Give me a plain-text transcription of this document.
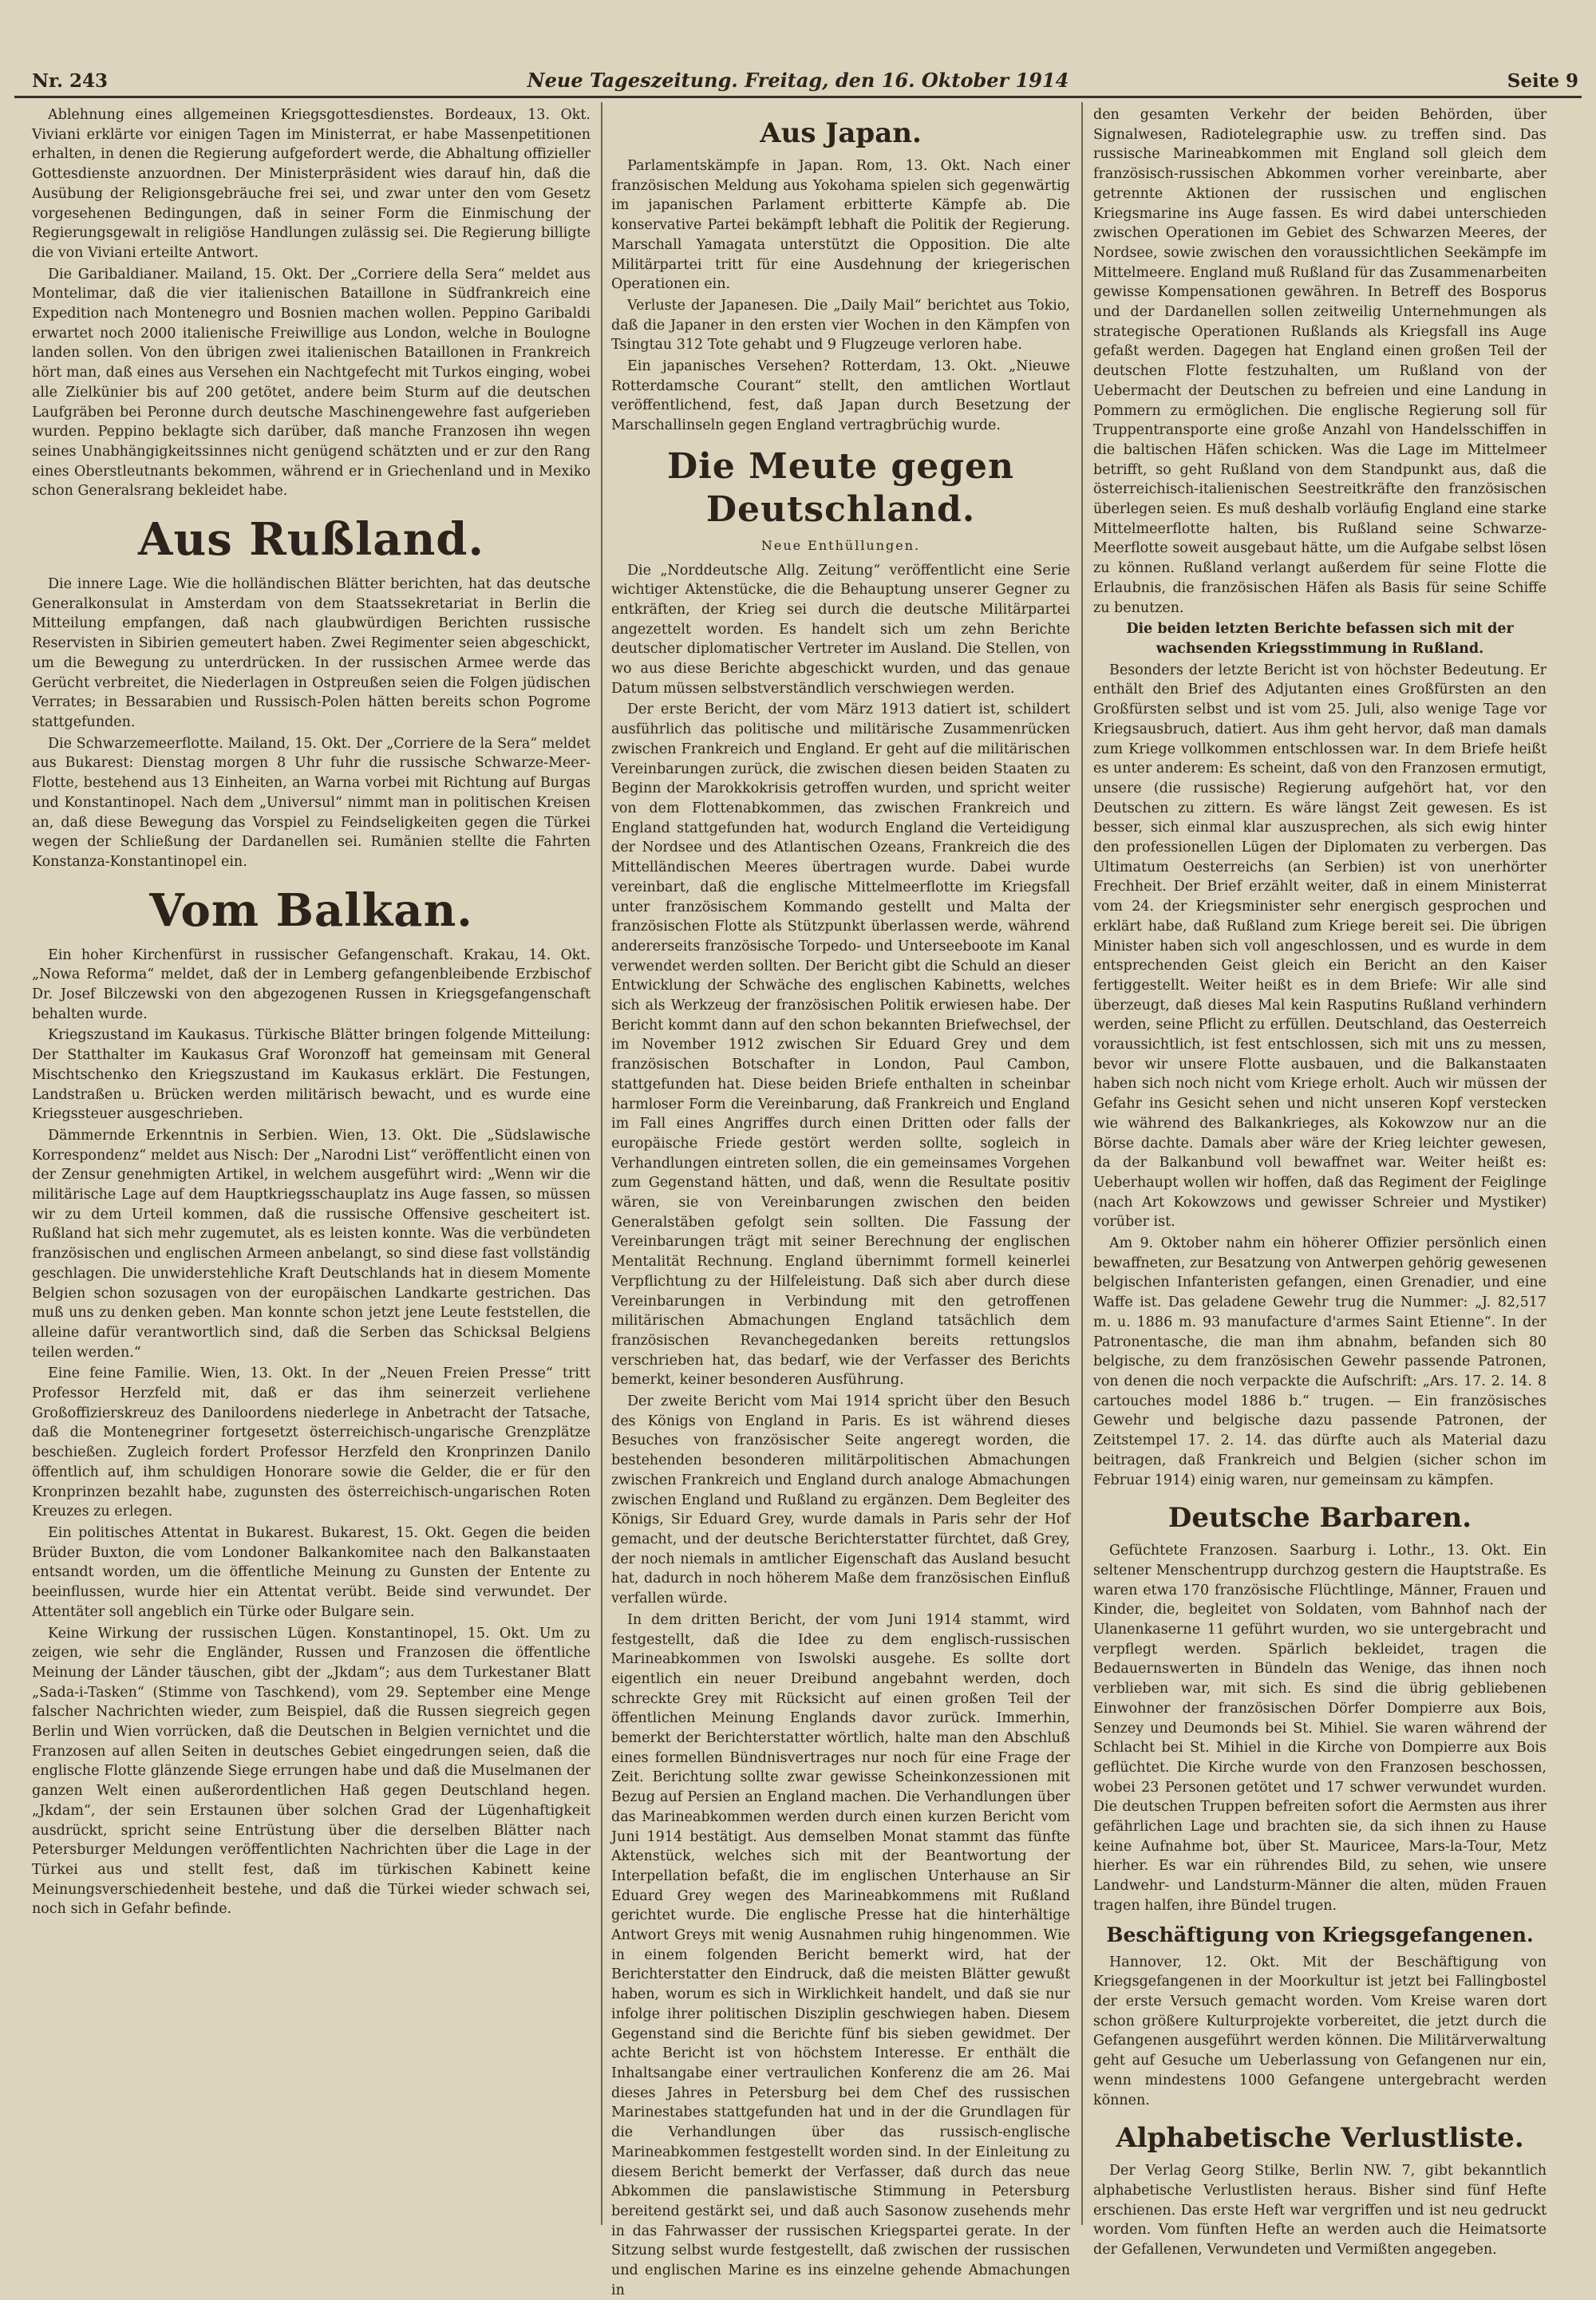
Nr. 243	Neue Tageszeitung. Freitag, den 16. Oktober 1914	Seite 9

Ablehnung eines allgemeinen Kriegsgottesdienstes. Bordeaux, 13. Okt. Viviani erklärte vor einigen Tagen im Ministerrat, er habe Massenpetitionen erhalten, in denen die Regierung aufgefordert werde, die Abhaltung offizieller Gottesdienste anzuordnen. Der Ministerpräsident wies darauf hin, daß die Ausübung der Religionsgebräuche frei sei, und zwar unter den vom Gesetz vorgesehenen Bedingungen, daß in seiner Form die Einmischung der Regierungsgewalt in religiöse Handlungen zulässig sei. Die Regierung billigte die von Viviani erteilte Antwort.

Die Garibaldianer. Mailand, 15. Okt. Der „Corriere della Sera“ meldet aus Montelimar, daß die vier italienischen Bataillone in Südfrankreich eine Expedition nach Montenegro und Bosnien machen wollen. Peppino Garibaldi erwartet noch 2000 italienische Freiwillige aus London, welche in Boulogne landen sollen. Von den übrigen zwei italienischen Bataillonen in Frankreich hört man, daß eines aus Versehen ein Nachtgefecht mit Turkos einging, wobei alle Zielkünier bis auf 200 getötet, andere beim Sturm auf die deutschen Laufgräben bei Peronne durch deutsche Maschinengewehre fast aufgerieben wurden. Peppino beklagte sich darüber, daß manche Franzosen ihn wegen seines Unabhängigkeitssinnes nicht genügend schätzten und er zur den Rang eines Oberstleutnants bekommen, während er in Griechenland und in Mexiko schon Generalsrang bekleidet habe.

Aus Rußland.

Die innere Lage. Wie die holländischen Blätter berichten, hat das deutsche Generalkonsulat in Amsterdam von dem Staatssekretariat in Berlin die Mitteilung empfangen, daß nach glaubwürdigen Berichten russische Reservisten in Sibirien gemeutert haben. Zwei Regimenter seien abgeschickt, um die Bewegung zu unterdrücken. In der russischen Armee werde das Gerücht verbreitet, die Niederlagen in Ostpreußen seien die Folgen jüdischen Verrates; in Bessarabien und Russisch-Polen hätten bereits schon Pogrome stattgefunden.

Die Schwarzemeerflotte. Mailand, 15. Okt. Der „Corriere de la Sera“ meldet aus Bukarest: Dienstag morgen 8 Uhr fuhr die russische Schwarze-Meer-Flotte, bestehend aus 13 Einheiten, an Warna vorbei mit Richtung auf Burgas und Konstantinopel. Nach dem „Universul“ nimmt man in politischen Kreisen an, daß diese Bewegung das Vorspiel zu Feindseligkeiten gegen die Türkei wegen der Schließung der Dardanellen sei. Rumänien stellte die Fahrten Konstanza-Konstantinopel ein.

Vom Balkan.

Ein hoher Kirchenfürst in russischer Gefangenschaft. Krakau, 14. Okt. „Nowa Reforma“ meldet, daß der in Lemberg gefangenbleibende Erzbischof Dr. Josef Bilczewski von den abgezogenen Russen in Kriegsgefangenschaft behalten wurde.

Kriegszustand im Kaukasus. Türkische Blätter bringen folgende Mitteilung: Der Statthalter im Kaukasus Graf Woronzoff hat gemeinsam mit General Mischtschenko den Kriegszustand im Kaukasus erklärt. Die Festungen, Landstraßen u. Brücken werden militärisch bewacht, und es wurde eine Kriegssteuer ausgeschrieben.

Dämmernde Erkenntnis in Serbien. Wien, 13. Okt. Die „Südslawische Korrespondenz“ meldet aus Nisch: Der „Narodni List“ veröffentlicht einen von der Zensur genehmigten Artikel, in welchem ausgeführt wird: „Wenn wir die militärische Lage auf dem Hauptkriegsschauplatz ins Auge fassen, so müssen wir zu dem Urteil kommen, daß die russische Offensive gescheitert ist. Rußland hat sich mehr zugemutet, als es leisten konnte. Was die verbündeten französischen und englischen Armeen anbelangt, so sind diese fast vollständig geschlagen. Die unwiderstehliche Kraft Deutschlands hat in diesem Momente Belgien schon sozusagen von der europäischen Landkarte gestrichen. Das muß uns zu denken geben. Man konnte schon jetzt jene Leute feststellen, die alleine dafür verantwortlich sind, daß die Serben das Schicksal Belgiens teilen werden.“

Eine feine Familie. Wien, 13. Okt. In der „Neuen Freien Presse“ tritt Professor Herzfeld mit, daß er das ihm seinerzeit verliehene Großoffizierskreuz des Daniloordens niederlege in Anbetracht der Tatsache, daß die Montenegriner fortgesetzt österreichisch-ungarische Grenzplätze beschießen. Zugleich fordert Professor Herzfeld den Kronprinzen Danilo öffentlich auf, ihm schuldigen Honorare sowie die Gelder, die er für den Kronprinzen bezahlt habe, zugunsten des österreichisch-ungarischen Roten Kreuzes zu erlegen.

Ein politisches Attentat in Bukarest. Bukarest, 15. Okt. Gegen die beiden Brüder Buxton, die vom Londoner Balkankomitee nach den Balkanstaaten entsandt worden, um die öffentliche Meinung zu Gunsten der Entente zu beeinflussen, wurde hier ein Attentat verübt. Beide sind verwundet. Der Attentäter soll angeblich ein Türke oder Bulgare sein.

Keine Wirkung der russischen Lügen. Konstantinopel, 15. Okt. Um zu zeigen, wie sehr die Engländer, Russen und Franzosen die öffentliche Meinung der Länder täuschen, gibt der „Jkdam“; aus dem Turkestaner Blatt „Sada-i-Tasken“ (Stimme von Taschkend), vom 29. September eine Menge falscher Nachrichten wieder, zum Beispiel, daß die Russen siegreich gegen Berlin und Wien vorrücken, daß die Deutschen in Belgien vernichtet und die Franzosen auf allen Seiten in deutsches Gebiet eingedrungen seien, daß die englische Flotte glänzende Siege errungen habe und daß die Muselmanen der ganzen Welt einen außerordentlichen Haß gegen Deutschland hegen. „Jkdam“, der sein Erstaunen über solchen Grad der Lügenhaftigkeit ausdrückt, spricht seine Entrüstung über die derselben Blätter nach Petersburger Meldungen veröffentlichten Nachrichten über die Lage in der Türkei aus und stellt fest, daß im türkischen Kabinett keine Meinungsverschiedenheit bestehe, und daß die Türkei wieder schwach sei, noch sich in Gefahr befinde.

Aus Japan.

Parlamentskämpfe in Japan. Rom, 13. Okt. Nach einer französischen Meldung aus Yokohama spielen sich gegenwärtig im japanischen Parlament erbitterte Kämpfe ab. Die konservative Partei bekämpft lebhaft die Politik der Regierung. Marschall Yamagata unterstützt die Opposition. Die alte Militärpartei tritt für eine Ausdehnung der kriegerischen Operationen ein.

Verluste der Japanesen. Die „Daily Mail“ berichtet aus Tokio, daß die Japaner in den ersten vier Wochen in den Kämpfen von Tsingtau 312 Tote gehabt und 9 Flugzeuge verloren habe.

Ein japanisches Versehen? Rotterdam, 13. Okt. „Nieuwe Rotterdamsche Courant“ stellt, den amtlichen Wortlaut veröffentlichend, fest, daß Japan durch Besetzung der Marschallinseln gegen England vertragbrüchig wurde.

Die Meute gegen Deutschland.
Neue Enthüllungen.

Die „Norddeutsche Allg. Zeitung“ veröffentlicht eine Serie wichtiger Aktenstücke, die die Behauptung unserer Gegner zu entkräften, der Krieg sei durch die deutsche Militärpartei angezettelt worden. Es handelt sich um zehn Berichte deutscher diplomatischer Vertreter im Ausland. Die Stellen, von wo aus diese Berichte abgeschickt wurden, und das genaue Datum müssen selbstverständlich verschwiegen werden.

Der erste Bericht, der vom März 1913 datiert ist, schildert ausführlich das politische und militärische Zusammenrücken zwischen Frankreich und England. Er geht auf die militärischen Vereinbarungen zurück, die zwischen diesen beiden Staaten zu Beginn der Marokkokrisis getroffen wurden, und spricht weiter von dem Flottenabkommen, das zwischen Frankreich und England stattgefunden hat, wodurch England die Verteidigung der Nordsee und des Atlantischen Ozeans, Frankreich die des Mittelländischen Meeres übertragen wurde. Dabei wurde vereinbart, daß die englische Mittelmeerflotte im Kriegsfall unter französischem Kommando gestellt und Malta der französischen Flotte als Stützpunkt überlassen werde, während andererseits französische Torpedo- und Unterseeboote im Kanal verwendet werden sollten. Der Bericht gibt die Schuld an dieser Entwicklung der Schwäche des englischen Kabinetts, welches sich als Werkzeug der französischen Politik erwiesen habe. Der Bericht kommt dann auf den schon bekannten Briefwechsel, der im November 1912 zwischen Sir Eduard Grey und dem französischen Botschafter in London, Paul Cambon, stattgefunden hat. Diese beiden Briefe enthalten in scheinbar harmloser Form die Vereinbarung, daß Frankreich und England im Fall eines Angriffes durch einen Dritten oder falls der europäische Friede gestört werden sollte, sogleich in Verhandlungen eintreten sollen, die ein gemeinsames Vorgehen zum Gegenstand hätten, und daß, wenn die Resultate positiv wären, sie von Vereinbarungen zwischen den beiden Generalstäben gefolgt sein sollten. Die Fassung der Vereinbarungen trägt mit seiner Berechnung der englischen Mentalität Rechnung. England übernimmt formell keinerlei Verpflichtung zu der Hilfeleistung. Daß sich aber durch diese Vereinbarungen in Verbindung mit den getroffenen militärischen Abmachungen England tatsächlich dem französischen Revanchegedanken bereits rettungslos verschrieben hat, das bedarf, wie der Verfasser des Berichts bemerkt, keiner besonderen Ausführung.

Der zweite Bericht vom Mai 1914 spricht über den Besuch des Königs von England in Paris. Es ist während dieses Besuches von französischer Seite angeregt worden, die bestehenden besonderen militärpolitischen Abmachungen zwischen Frankreich und England durch analoge Abmachungen zwischen England und Rußland zu ergänzen. Dem Begleiter des Königs, Sir Eduard Grey, wurde damals in Paris sehr der Hof gemacht, und der deutsche Berichterstatter fürchtet, daß Grey, der noch niemals in amtlicher Eigenschaft das Ausland besucht hat, dadurch in noch höherem Maße dem französischen Einfluß verfallen würde.

In dem dritten Bericht, der vom Juni 1914 stammt, wird festgestellt, daß die Idee zu dem englisch-russischen Marineabkommen von Iswolski ausgehe. Es sollte dort eigentlich ein neuer Dreibund angebahnt werden, doch schreckte Grey mit Rücksicht auf einen großen Teil der öffentlichen Meinung Englands davor zurück. Immerhin, bemerkt der Berichterstatter wörtlich, halte man den Abschluß eines formellen Bündnisvertrages nur noch für eine Frage der Zeit. Berichtung sollte zwar gewisse Scheinkonzessionen mit Bezug auf Persien an England machen. Die Verhandlungen über das Marineabkommen werden durch einen kurzen Bericht vom Juni 1914 bestätigt. Aus demselben Monat stammt das fünfte Aktenstück, welches sich mit der Beantwortung der Interpellation befaßt, die im englischen Unterhause an Sir Eduard Grey wegen des Marineabkommens mit Rußland gerichtet wurde. Die englische Presse hat die hinterhältige Antwort Greys mit wenig Ausnahmen ruhig hingenommen. Wie in einem folgenden Bericht bemerkt wird, hat der Berichterstatter den Eindruck, daß die meisten Blätter gewußt haben, worum es sich in Wirklichkeit handelt, und daß sie nur infolge ihrer politischen Disziplin geschwiegen haben. Diesem Gegenstand sind die Berichte fünf bis sieben gewidmet. Der achte Bericht ist von höchstem Interesse. Er enthält die Inhaltsangabe einer vertraulichen Konferenz die am 26. Mai dieses Jahres in Petersburg bei dem Chef des russischen Marinestabes stattgefunden hat und in der die Grundlagen für die Verhandlungen über das russisch-englische Marineabkommen festgestellt worden sind. In der Einleitung zu diesem Bericht bemerkt der Verfasser, daß durch das neue Abkommen die panslawistische Stimmung in Petersburg bereitend gestärkt sei, und daß auch Sasonow zusehends mehr in das Fahrwasser der russischen Kriegspartei gerate. In der Sitzung selbst wurde festgestellt, daß zwischen der russischen und englischen Marine es ins einzelne gehende Abmachungen in

den gesamten Verkehr der beiden Behörden, über Signalwesen, Radiotelegraphie usw. zu treffen sind. Das russische Marineabkommen mit England soll gleich dem französisch-russischen Abkommen vorher vereinbarte, aber getrennte Aktionen der russischen und englischen Kriegsmarine ins Auge fassen. Es wird dabei unterschieden zwischen Operationen im Gebiet des Schwarzen Meeres, der Nordsee, sowie zwischen den voraussichtlichen Seekämpfe im Mittelmeere. England muß Rußland für das Zusammenarbeiten gewisse Kompensationen gewähren. In Betreff des Bosporus und der Dardanellen sollen zeitweilig Unternehmungen als strategische Operationen Rußlands als Kriegsfall ins Auge gefaßt werden. Dagegen hat England einen großen Teil der deutschen Flotte festzuhalten, um Rußland von der Uebermacht der Deutschen zu befreien und eine Landung in Pommern zu ermöglichen. Die englische Regierung soll für Truppentransporte eine große Anzahl von Handelsschiffen in die baltischen Häfen schicken. Was die Lage im Mittelmeer betrifft, so geht Rußland von dem Standpunkt aus, daß die österreichisch-italienischen Seestreitkräfte den französischen überlegen seien. Es muß deshalb vorläufig England eine starke Mittelmeerflotte halten, bis Rußland seine Schwarze-Meerflotte soweit ausgebaut hätte, um die Aufgabe selbst lösen zu können. Rußland verlangt außerdem für seine Flotte die Erlaubnis, die französischen Häfen als Basis für seine Schiffe zu benutzen.

Die beiden letzten Berichte befassen sich mit der wachsenden Kriegsstimmung in Rußland.

Besonders der letzte Bericht ist von höchster Bedeutung. Er enthält den Brief des Adjutanten eines Großfürsten an den Großfürsten selbst und ist vom 25. Juli, also wenige Tage vor Kriegsausbruch, datiert. Aus ihm geht hervor, daß man damals zum Kriege vollkommen entschlossen war. In dem Briefe heißt es unter anderem: Es scheint, daß von den Franzosen ermutigt, unsere (die russische) Regierung aufgehört hat, vor den Deutschen zu zittern. Es wäre längst Zeit gewesen. Es ist besser, sich einmal klar auszusprechen, als sich ewig hinter den professionellen Lügen der Diplomaten zu verbergen. Das Ultimatum Oesterreichs (an Serbien) ist von unerhörter Frechheit. Der Brief erzählt weiter, daß in einem Ministerrat vom 24. der Kriegsminister sehr energisch gesprochen und erklärt habe, daß Rußland zum Kriege bereit sei. Die übrigen Minister haben sich voll angeschlossen, und es wurde in dem entsprechenden Geist gleich ein Bericht an den Kaiser fertiggestellt. Weiter heißt es in dem Briefe: Wir alle sind überzeugt, daß dieses Mal kein Rasputins Rußland verhindern werden, seine Pflicht zu erfüllen. Deutschland, das Oesterreich voraussichtlich, ist fest entschlossen, sich mit uns zu messen, bevor wir unsere Flotte ausbauen, und die Balkanstaaten haben sich noch nicht vom Kriege erholt. Auch wir müssen der Gefahr ins Gesicht sehen und nicht unseren Kopf verstecken wie während des Balkankrieges, als Kokowzow nur an die Börse dachte. Damals aber wäre der Krieg leichter gewesen, da der Balkanbund voll bewaffnet war. Weiter heißt es: Ueberhaupt wollen wir hoffen, daß das Regiment der Feiglinge (nach Art Kokowzows und gewisser Schreier und Mystiker) vorüber ist.

Am 9. Oktober nahm ein höherer Offizier persönlich einen bewaffneten, zur Besatzung von Antwerpen gehörig gewesenen belgischen Infanteristen gefangen, einen Grenadier, und eine Waffe ist. Das geladene Gewehr trug die Nummer: „J. 82,517 m. u. 1886 m. 93 manufacture d'armes Saint Etienne“. In der Patronentasche, die man ihm abnahm, befanden sich 80 belgische, zu dem französischen Gewehr passende Patronen, von denen die noch verpackte die Aufschrift: „Ars. 17. 2. 14. 8 cartouches model 1886 b.“ trugen. — Ein französisches Gewehr und belgische dazu passende Patronen, der Zeitstempel 17. 2. 14. das dürfte auch als Material dazu beitragen, daß Frankreich und Belgien (sicher schon im Februar 1914) einig waren, nur gemeinsam zu kämpfen.

Deutsche Barbaren.

Gefüchtete Franzosen. Saarburg i. Lothr., 13. Okt. Ein seltener Menschentrupp durchzog gestern die Hauptstraße. Es waren etwa 170 französische Flüchtlinge, Männer, Frauen und Kinder, die, begleitet von Soldaten, vom Bahnhof nach der Ulanenkaserne 11 geführt wurden, wo sie untergebracht und verpflegt werden. Spärlich bekleidet, tragen die Bedauernswerten in Bündeln das Wenige, das ihnen noch verblieben war, mit sich. Es sind die übrig gebliebenen Einwohner der französischen Dörfer Dompierre aux Bois, Senzey und Deumonds bei St. Mihiel. Sie waren während der Schlacht bei St. Mihiel in die Kirche von Dompierre aux Bois geflüchtet. Die Kirche wurde von den Franzosen beschossen, wobei 23 Personen getötet und 17 schwer verwundet wurden. Die deutschen Truppen befreiten sofort die Aermsten aus ihrer gefährlichen Lage und brachten sie, da sich ihnen zu Hause keine Aufnahme bot, über St. Mauricee, Mars-la-Tour, Metz hierher. Es war ein rührendes Bild, zu sehen, wie unsere Landwehr- und Landsturm-Männer die alten, müden Frauen tragen halfen, ihre Bündel trugen.

Beschäftigung von Kriegsgefangenen.

Hannover, 12. Okt. Mit der Beschäftigung von Kriegsgefangenen in der Moorkultur ist jetzt bei Fallingbostel der erste Versuch gemacht worden. Vom Kreise waren dort schon größere Kulturprojekte vorbereitet, die jetzt durch die Gefangenen ausgeführt werden können. Die Militärverwaltung geht auf Gesuche um Ueberlassung von Gefangenen nur ein, wenn mindestens 1000 Gefangene untergebracht werden können.

Alphabetische Verlustliste.

Der Verlag Georg Stilke, Berlin NW. 7, gibt bekanntlich alphabetische Verlustlisten heraus. Bisher sind fünf Hefte erschienen. Das erste Heft war vergriffen und ist neu gedruckt worden. Vom fünften Hefte an werden auch die Heimatsorte der Gefallenen, Verwundeten und Vermißten angegeben.
